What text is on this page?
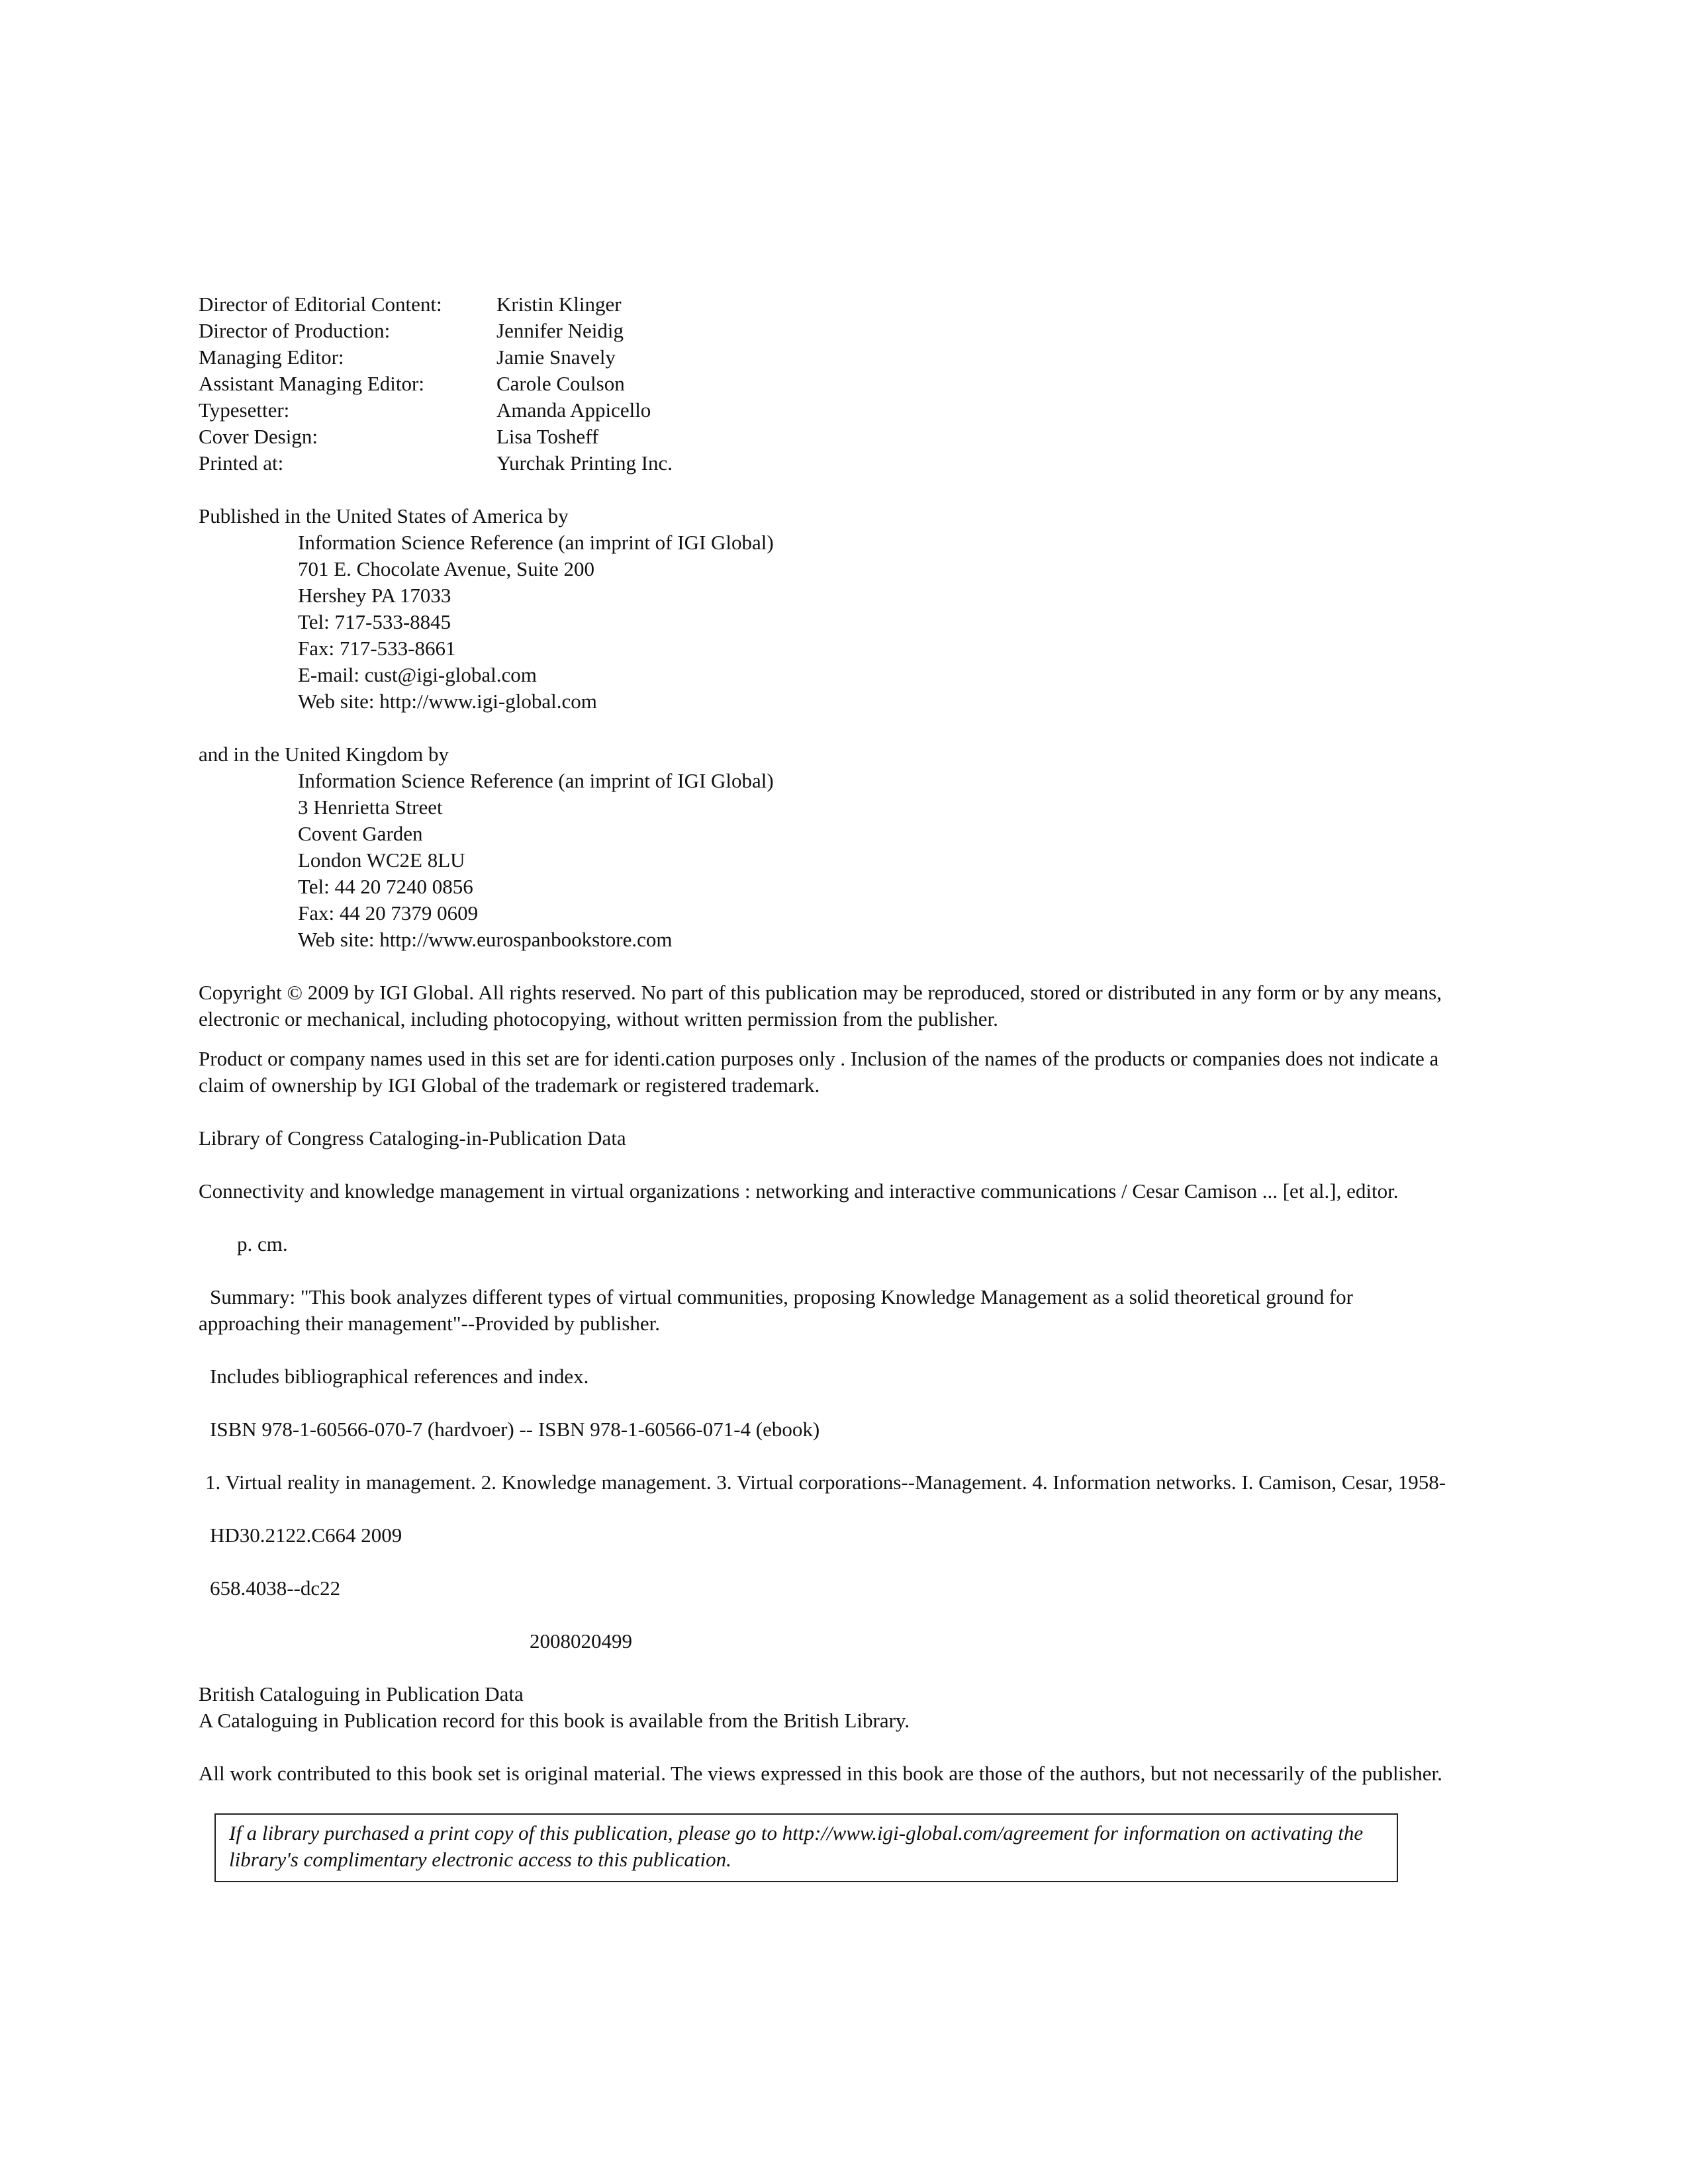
Director of Editorial Content:	Kristin Klinger
Director of Production:	Jennifer Neidig
Managing Editor:	Jamie Snavely
Assistant Managing Editor:	Carole Coulson
Typesetter:	Amanda Appicello
Cover Design:	Lisa Tosheff
Printed at:	Yurchak Printing Inc.
Published in the United States of America by
Information Science Reference (an imprint of IGI Global)
701 E. Chocolate Avenue, Suite 200
Hershey PA 17033
Tel: 717-533-8845
Fax: 717-533-8661
E-mail: cust@igi-global.com
Web site: http://www.igi-global.com
and in the United Kingdom by
Information Science Reference (an imprint of IGI Global)
3 Henrietta Street
Covent Garden
London WC2E 8LU
Tel: 44 20 7240 0856
Fax: 44 20 7379 0609
Web site: http://www.eurospanbookstore.com
Copyright © 2009 by IGI Global. All rights reserved. No part of this publication may be reproduced, stored or distributed in any form or by any means, electronic or mechanical, including photocopying, without written permission from the publisher.
Product or company names used in this set are for identi.cation purposes only . Inclusion of the names of the products or companies does not indicate a claim of ownership by IGI Global of the trademark or registered trademark.
Library of Congress Cataloging-in-Publication Data
Connectivity and knowledge management in virtual organizations : networking and interactive communications / Cesar Camison ... [et al.], editor.
p. cm.
Summary: "This book analyzes different types of virtual communities, proposing Knowledge Management as a solid theoretical ground for approaching their management"--Provided by publisher.
Includes bibliographical references and index.
ISBN 978-1-60566-070-7 (hardvoer) -- ISBN 978-1-60566-071-4 (ebook)
1. Virtual reality in management. 2. Knowledge management. 3. Virtual corporations--Management. 4. Information networks. I. Camison, Cesar, 1958-
HD30.2122.C664 2009
658.4038--dc22
2008020499
British Cataloguing in Publication Data
A Cataloguing in Publication record for this book is available from the British Library.
All work contributed to this book set is original material. The views expressed in this book are those of the authors, but not necessarily of the publisher.
If a library purchased a print copy of this publication, please go to http://www.igi-global.com/agreement for information on activating the library's complimentary electronic access to this publication.
